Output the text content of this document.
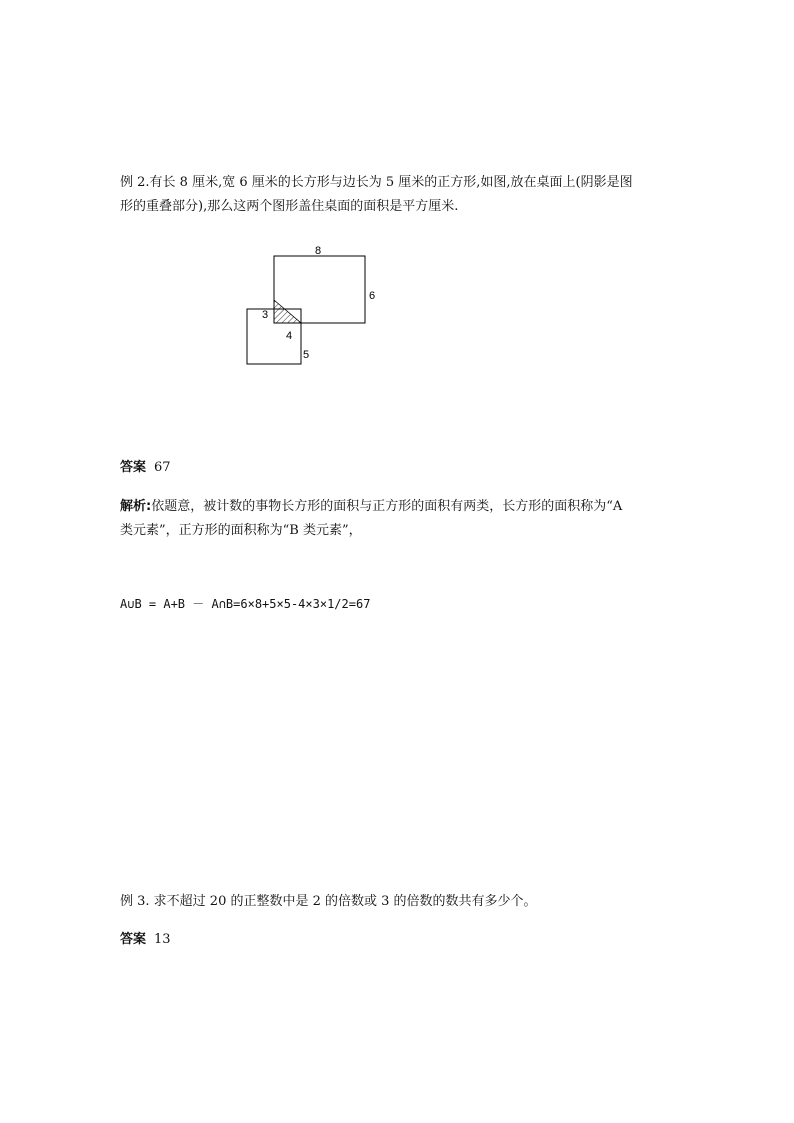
例 2.有长 8 厘米,宽 6 厘米的长方形与边长为 5 厘米的正方形,如图,放在桌面上(阴影是图
形的重叠部分),那么这两个图形盖住桌面的面积是平方厘米.
8
6
3
4
5
答案 67
解析:依题意，被计数的事物长方形的面积与正方形的面积有两类，长方形的面积称为“A
类元素”，正方形的面积称为“B 类元素”，
A∪B = A+B － A∩B=6×8+5×5-4×3×1/2=67
例 3. 求不超过 20 的正整数中是 2 的倍数或 3 的倍数的数共有多少个。
答案 13
